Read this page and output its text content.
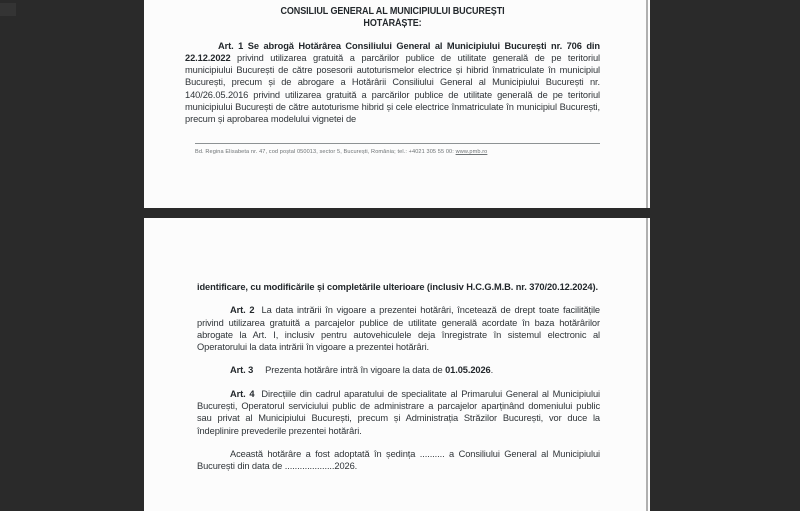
CONSILIUL GENERAL AL MUNICIPIULUI BUCUREȘTI
HOTĂRĂȘTE:

Art. 1 Se abrogă Hotărârea Consiliului General al Municipiului București nr. 706 din 22.12.2022 privind utilizarea gratuită a parcărilor publice de utilitate generală de pe teritoriul municipiului București de către posesorii autoturismelor electrice și hibrid înmatriculate în municipiul București, precum și de abrogare a Hotărârii Consiliului General al Municipiului București nr. 140/26.05.2016 privind utilizarea gratuită a parcărilor publice de utilitate generală de pe teritoriul municipiului București de către autoturisme hibrid și cele electrice înmatriculate în municipiul București, precum și aprobarea modelului vignetei de

Bd. Regina Elisabeta nr. 47, cod poștal 050013, sector 5, București, România; tel.: +4021 305 55 00: www.pmb.ro

identificare, cu modificările și completările ulterioare (inclusiv H.C.G.M.B. nr. 370/20.12.2024).

Art. 2 La data intrării în vigoare a prezentei hotărâri, încetează de drept toate facilitățile privind utilizarea gratuită a parcajelor publice de utilitate generală acordate în baza hotărârilor abrogate la Art. I, inclusiv pentru autovehiculele deja înregistrate în sistemul electronic al Operatorului la data intrării în vigoare a prezentei hotărâri.

Art. 3 Prezenta hotărâre intră în vigoare la data de 01.05.2026.

Art. 4 Direcțiile din cadrul aparatului de specialitate al Primarului General al Municipiului București, Operatorul serviciului public de administrare a parcajelor aparținând domeniului public sau privat al Municipiului București, precum și Administrația Străzilor București, vor duce la îndeplinire prevederile prezentei hotărâri.

Această hotărâre a fost adoptată în ședința .......... a Consiliului General al Municipiului București din data de ....................2026.
